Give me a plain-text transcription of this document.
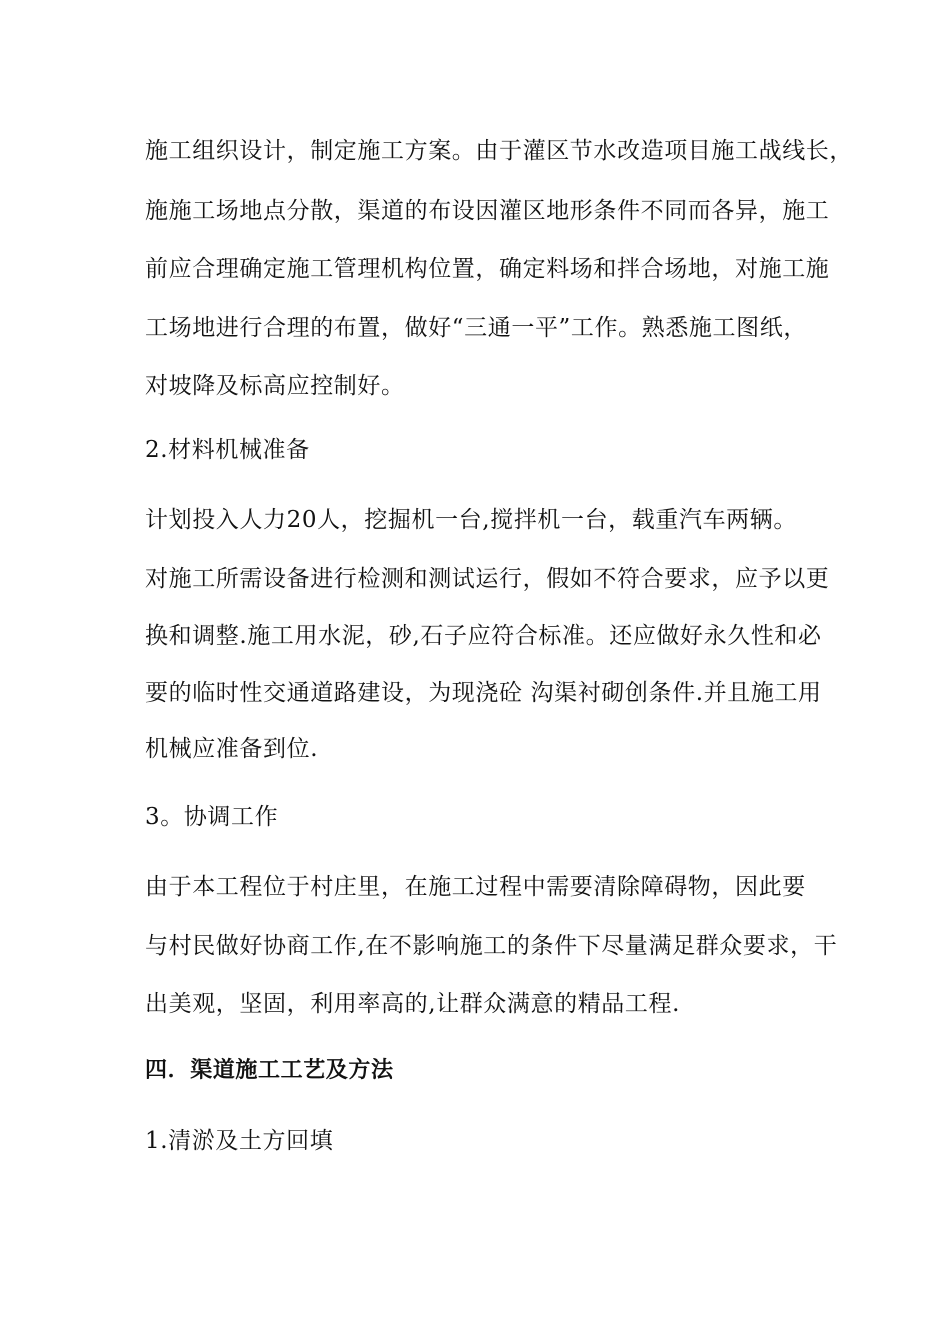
施工组织设计，制定施工方案。由于灌区节水改造项目施工战线长，
施施工场地点分散，渠道的布设因灌区地形条件不同而各异，施工
前应合理确定施工管理机构位置，确定料场和拌合场地，对施工施
工场地进行合理的布置，做好“三通一平”工作。熟悉施工图纸，
对坡降及标高应控制好。
2.材料机械准备
计划投入人力20人，挖掘机一台,搅拌机一台，载重汽车两辆。
对施工所需设备进行检测和测试运行，假如不符合要求，应予以更
换和调整.施工用水泥，砂,石子应符合标准。还应做好永久性和必
要的临时性交通道路建设，为现浇砼 沟渠衬砌创条件.并且施工用
机械应准备到位.
3。协调工作
由于本工程位于村庄里，在施工过程中需要清除障碍物，因此要
与村民做好协商工作,在不影响施工的条件下尽量满足群众要求，干
出美观，坚固，利用率高的,让群众满意的精品工程.
四．渠道施工工艺及方法
1.清淤及土方回填
